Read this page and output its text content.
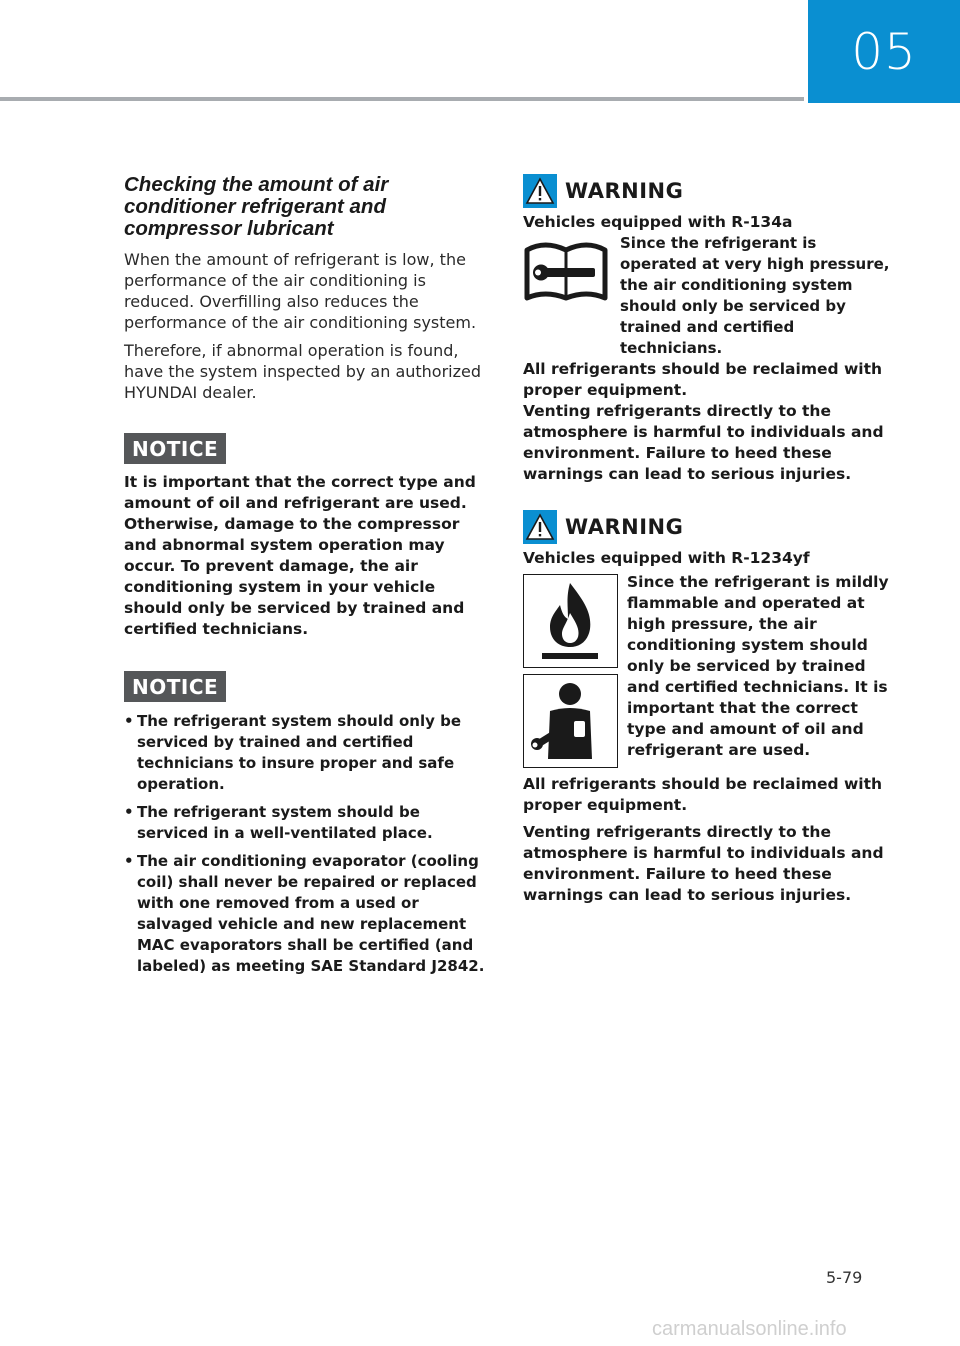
05
Checking the amount of air conditioner refrigerant and compressor lubricant

When the amount of refrigerant is low, the performance of the air conditioning is reduced. Overfilling also reduces the performance of the air conditioning system.

Therefore, if abnormal operation is found, have the system inspected by an authorized HYUNDAI dealer.

NOTICE

It is important that the correct type and amount of oil and refrigerant are used. Otherwise, damage to the compressor and abnormal system operation may occur. To prevent damage, the air conditioning system in your vehicle should only be serviced by trained and certified technicians.

NOTICE
• The refrigerant system should only be serviced by trained and certified technicians to insure proper and safe operation.
• The refrigerant system should be serviced in a well-ventilated place.
• The air conditioning evaporator (cooling coil) shall never be repaired or replaced with one removed from a used or salvaged vehicle and new replacement MAC evaporators shall be certified (and labeled) as meeting SAE Standard J2842.
WARNING

Vehicles equipped with R-134a

Since the refrigerant is operated at very high pressure, the air conditioning system should only be serviced by trained and certified technicians.

All refrigerants should be reclaimed with proper equipment.
Venting refrigerants directly to the atmosphere is harmful to individuals and environment. Failure to heed these warnings can lead to serious injuries.

WARNING

Vehicles equipped with R-1234yf

Since the refrigerant is mildly flammable and operated at high pressure, the air conditioning system should only be serviced by trained and certified technicians. It is important that the correct type and amount of oil and refrigerant are used.

All refrigerants should be reclaimed with proper equipment.

Venting refrigerants directly to the atmosphere is harmful to individuals and environment. Failure to heed these warnings can lead to serious injuries.

5-79
carmanualsonline.info
